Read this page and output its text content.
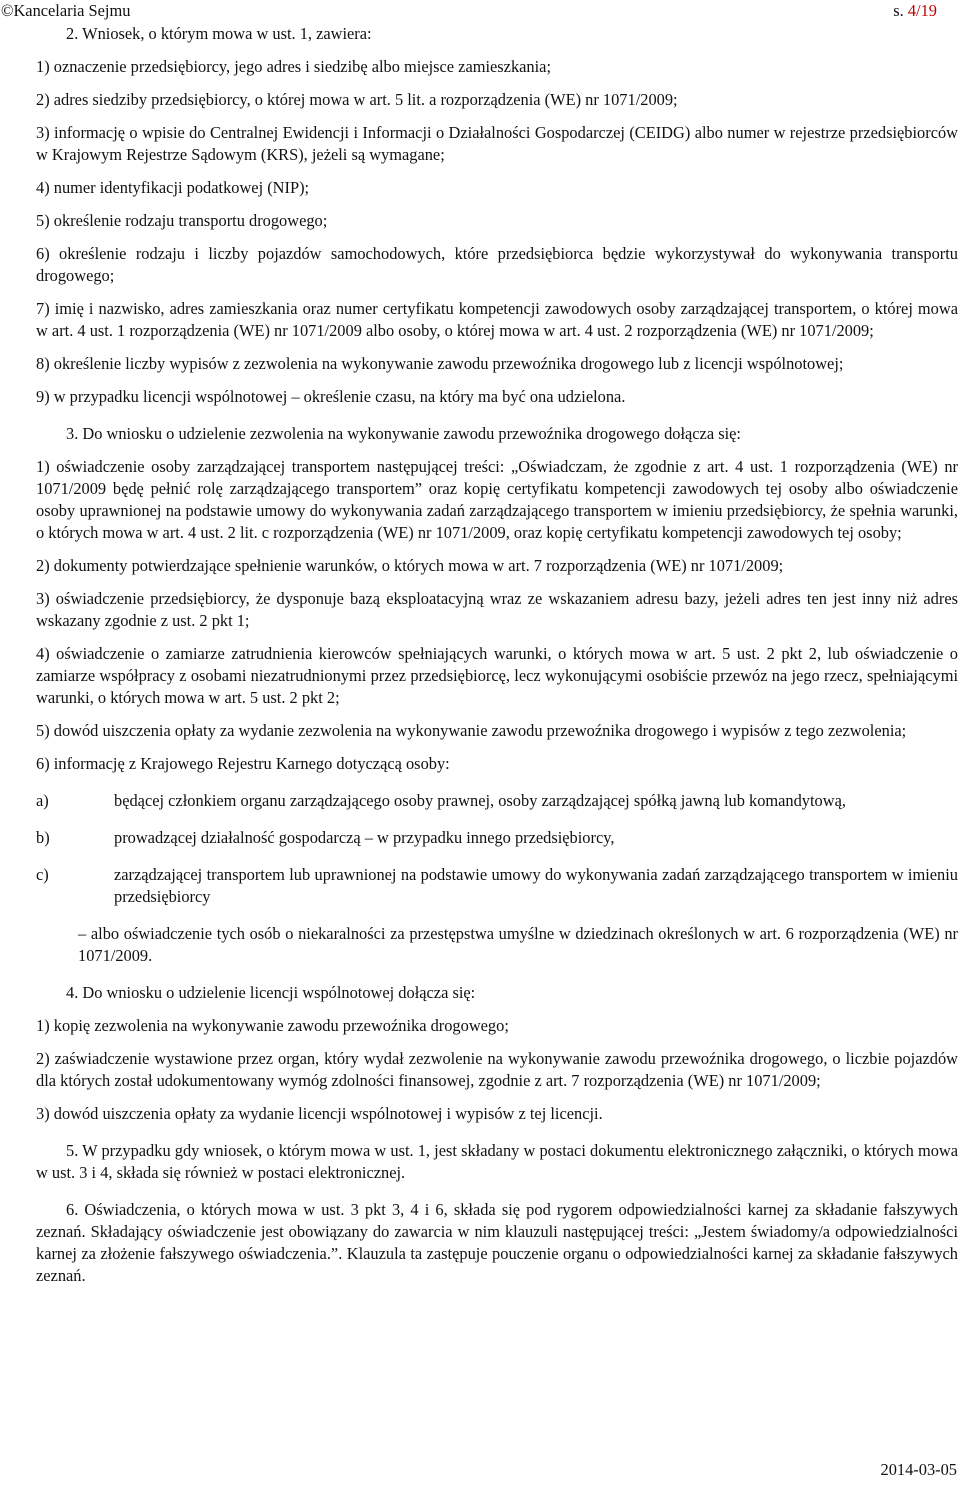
©Kancelaria Sejmu	s. 4/19

2. Wniosek, o którym mowa w ust. 1, zawiera:

1) oznaczenie przedsiębiorcy, jego adres i siedzibę albo miejsce zamieszkania;

2) adres siedziby przedsiębiorcy, o której mowa w art. 5 lit. a rozporządzenia (WE) nr 1071/2009;

3) informację o wpisie do Centralnej Ewidencji i Informacji o Działalności Gospodarczej (CEIDG) albo numer w rejestrze przedsiębiorców w Krajowym Rejestrze Sądowym (KRS), jeżeli są wymagane;

4) numer identyfikacji podatkowej (NIP);

5) określenie rodzaju transportu drogowego;

6) określenie rodzaju i liczby pojazdów samochodowych, które przedsiębiorca będzie wykorzystywał do wykonywania transportu drogowego;

7) imię i nazwisko, adres zamieszkania oraz numer certyfikatu kompetencji zawodowych osoby zarządzającej transportem, o której mowa w art. 4 ust. 1 rozporządzenia (WE) nr 1071/2009 albo osoby, o której mowa w art. 4 ust. 2 rozporządzenia (WE) nr 1071/2009;

8) określenie liczby wypisów z zezwolenia na wykonywanie zawodu przewoźnika drogowego lub z licencji wspólnotowej;

9) w przypadku licencji wspólnotowej – określenie czasu, na który ma być ona udzielona.

3. Do wniosku o udzielenie zezwolenia na wykonywanie zawodu przewoźnika drogowego dołącza się:

1) oświadczenie osoby zarządzającej transportem następującej treści: „Oświadczam, że zgodnie z art. 4 ust. 1 rozporządzenia (WE) nr 1071/2009 będę pełnić rolę zarządzającego transportem” oraz kopię certyfikatu kompetencji zawodowych tej osoby albo oświadczenie osoby uprawnionej na podstawie umowy do wykonywania zadań zarządzającego transportem w imieniu przedsiębiorcy, że spełnia warunki, o których mowa w art. 4 ust. 2 lit. c rozporządzenia (WE) nr 1071/2009, oraz kopię certyfikatu kompetencji zawodowych tej osoby;

2) dokumenty potwierdzające spełnienie warunków, o których mowa w art. 7 rozporządzenia (WE) nr 1071/2009;

3) oświadczenie przedsiębiorcy, że dysponuje bazą eksploatacyjną wraz ze wskazaniem adresu bazy, jeżeli adres ten jest inny niż adres wskazany zgodnie z ust. 2 pkt 1;

4) oświadczenie o zamiarze zatrudnienia kierowców spełniających warunki, o których mowa w art. 5 ust. 2 pkt 2, lub oświadczenie o zamiarze współpracy z osobami niezatrudnionymi przez przedsiębiorcę, lecz wykonującymi osobiście przewóz na jego rzecz, spełniającymi warunki, o których mowa w art. 5 ust. 2 pkt 2;

5) dowód uiszczenia opłaty za wydanie zezwolenia na wykonywanie zawodu przewoźnika drogowego i wypisów z tego zezwolenia;

6) informację z Krajowego Rejestru Karnego dotyczącą osoby:

a)	będącej członkiem organu zarządzającego osoby prawnej, osoby zarządzającej spółką jawną lub komandytową,

b)	prowadzącej działalność gospodarczą – w przypadku innego przedsiębiorcy,

c)	zarządzającej transportem lub uprawnionej na podstawie umowy do wykonywania zadań zarządzającego transportem w imieniu przedsiębiorcy

– albo oświadczenie tych osób o niekaralności za przestępstwa umyślne w dziedzinach określonych w art. 6 rozporządzenia (WE) nr 1071/2009.

4. Do wniosku o udzielenie licencji wspólnotowej dołącza się:

1) kopię zezwolenia na wykonywanie zawodu przewoźnika drogowego;

2) zaświadczenie wystawione przez organ, który wydał zezwolenie na wykonywanie zawodu przewoźnika drogowego, o liczbie pojazdów dla których został udokumentowany wymóg zdolności finansowej, zgodnie z art. 7 rozporządzenia (WE) nr 1071/2009;

3) dowód uiszczenia opłaty za wydanie licencji wspólnotowej i wypisów z tej licencji.

5. W przypadku gdy wniosek, o którym mowa w ust. 1, jest składany w postaci dokumentu elektronicznego załączniki, o których mowa w ust. 3 i 4, składa się również w postaci elektronicznej.

6. Oświadczenia, o których mowa w ust. 3 pkt 3, 4 i 6, składa się pod rygorem odpowiedzialności karnej za składanie fałszywych zeznań. Składający oświadczenie jest obowiązany do zawarcia w nim klauzuli następującej treści: „Jestem świadomy/a odpowiedzialności karnej za złożenie fałszywego oświadczenia.”. Klauzula ta zastępuje pouczenie organu o odpowiedzialności karnej za składanie fałszywych zeznań.

2014-03-05
